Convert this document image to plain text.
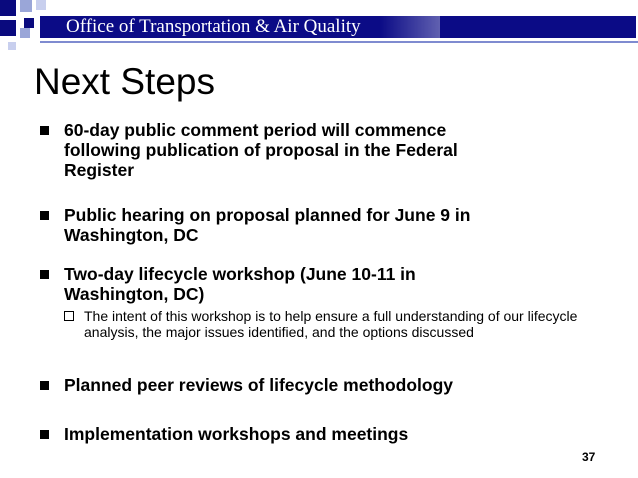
Office of Transportation & Air Quality
Next Steps
60-day public comment period will commence following publication of proposal in the Federal Register
Public hearing on proposal planned for June 9 in Washington, DC
Two-day lifecycle workshop (June 10-11 in Washington, DC)
The intent of this workshop is to help ensure a full understanding of our lifecycle analysis, the major issues identified, and the options discussed
Planned peer reviews of lifecycle methodology
Implementation workshops and meetings
37
